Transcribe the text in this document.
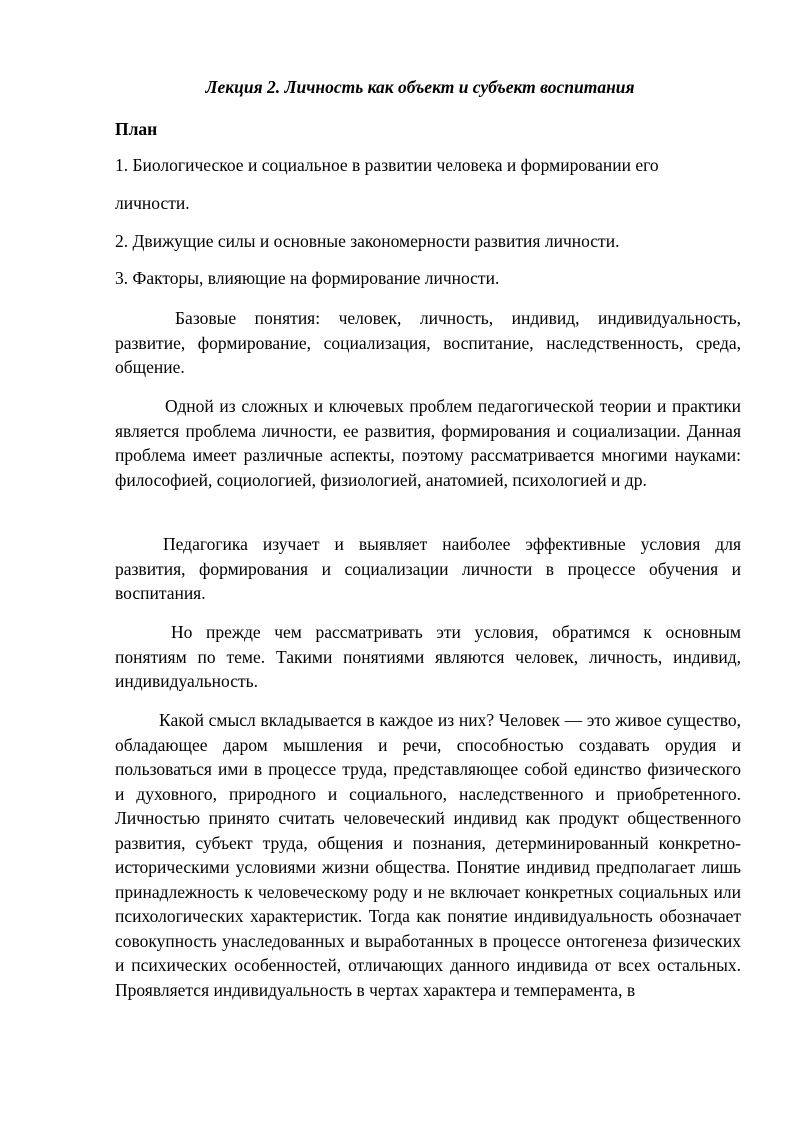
Лекция 2. Личность как объект и субъект воспитания
План
1. Биологическое и социальное в развитии человека и формировании его
личности.
2. Движущие силы и основные закономерности развития личности.
3. Факторы, влияющие на формирование личности.

Базовые понятия: человек, личность, индивид, индивидуальность, развитие, формирование, социализация, воспитание, наследственность, среда, общение.

Одной из сложных и ключевых проблем педагогической теории и практики является проблема личности, ее развития, формирования и социализации. Данная проблема имеет различные аспекты, поэтому рассматривается многими науками: философией, социологией, физиологией, анатомией, психологией и др.

Педагогика изучает и выявляет наиболее эффективные условия для развития, формирования и социализации личности в процессе обучения и воспитания.

Но прежде чем рассматривать эти условия, обратимся к основным понятиям по теме. Такими понятиями являются человек, личность, индивид, индивидуальность.

Какой смысл вкладывается в каждое из них? Человек — это живое существо, обладающее даром мышления и речи, способностью создавать орудия и пользоваться ими в процессе труда, представляющее собой единство физического и духовного, природного и социального, наследственного и приобретенного. Личностью принято считать человеческий индивид как продукт общественного развития, субъект труда, общения и познания, детерминированный конкретно-историческими условиями жизни общества. Понятие индивид предполагает лишь принадлежность к человеческому роду и не включает конкретных социальных или психологических характеристик. Тогда как понятие индивидуальность обозначает совокупность унаследованных и выработанных в процессе онтогенеза физических и психических особенностей, отличающих данного индивида от всех остальных. Проявляется индивидуальность в чертах характера и темперамента, в
